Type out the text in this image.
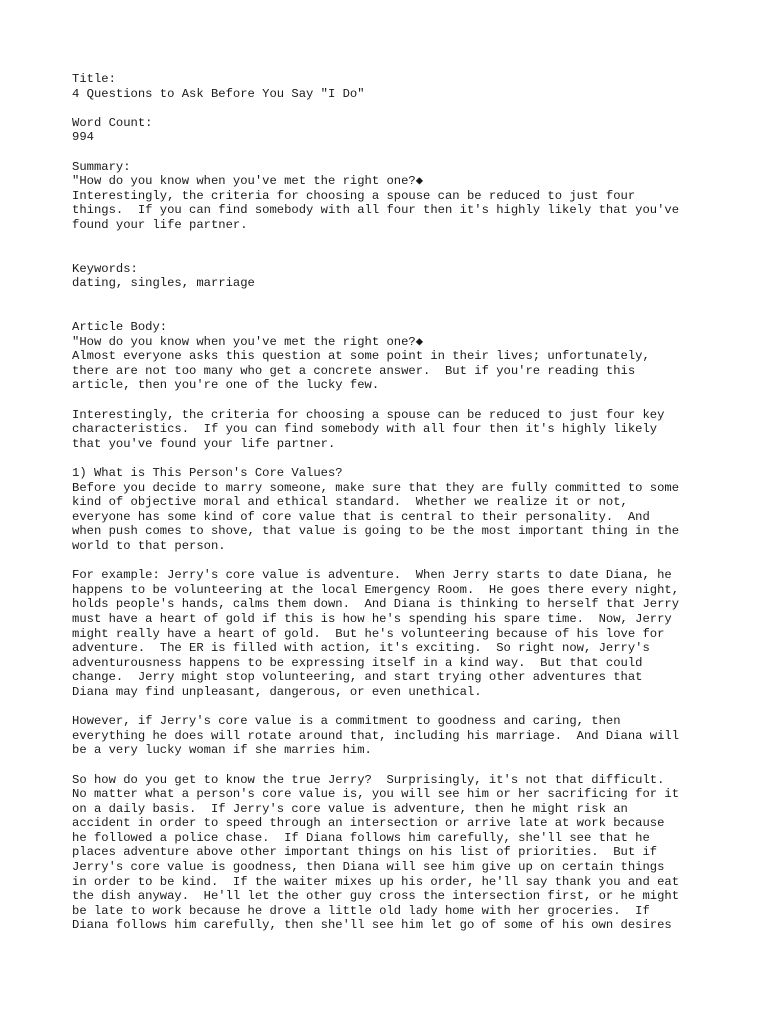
Title:

4 Questions to Ask Before You Say "I Do"

Word Count:

994

Summary:

"How do you know when you've met the right one?◆

Interestingly, the criteria for choosing a spouse can be reduced to just four

things.  If you can find somebody with all four then it's highly likely that you've

found your life partner.

Keywords:

dating, singles, marriage

Article Body:

"How do you know when you've met the right one?◆

Almost everyone asks this question at some point in their lives; unfortunately,

there are not too many who get a concrete answer.  But if you're reading this

article, then you're one of the lucky few.

Interestingly, the criteria for choosing a spouse can be reduced to just four key

characteristics.  If you can find somebody with all four then it's highly likely

that you've found your life partner.

1) What is This Person's Core Values?

Before you decide to marry someone, make sure that they are fully committed to some

kind of objective moral and ethical standard.  Whether we realize it or not,

everyone has some kind of core value that is central to their personality.  And

when push comes to shove, that value is going to be the most important thing in the

world to that person.

For example: Jerry's core value is adventure.  When Jerry starts to date Diana, he

happens to be volunteering at the local Emergency Room.  He goes there every night,

holds people's hands, calms them down.  And Diana is thinking to herself that Jerry

must have a heart of gold if this is how he's spending his spare time.  Now, Jerry

might really have a heart of gold.  But he's volunteering because of his love for

adventure.  The ER is filled with action, it's exciting.  So right now, Jerry's

adventurousness happens to be expressing itself in a kind way.  But that could

change.  Jerry might stop volunteering, and start trying other adventures that

Diana may find unpleasant, dangerous, or even unethical.

However, if Jerry's core value is a commitment to goodness and caring, then

everything he does will rotate around that, including his marriage.  And Diana will

be a very lucky woman if she marries him.

So how do you get to know the true Jerry?  Surprisingly, it's not that difficult.

No matter what a person's core value is, you will see him or her sacrificing for it

on a daily basis.  If Jerry's core value is adventure, then he might risk an

accident in order to speed through an intersection or arrive late at work because

he followed a police chase.  If Diana follows him carefully, she'll see that he

places adventure above other important things on his list of priorities.  But if

Jerry's core value is goodness, then Diana will see him give up on certain things

in order to be kind.  If the waiter mixes up his order, he'll say thank you and eat

the dish anyway.  He'll let the other guy cross the intersection first, or he might

be late to work because he drove a little old lady home with her groceries.  If

Diana follows him carefully, then she'll see him let go of some of his own desires
